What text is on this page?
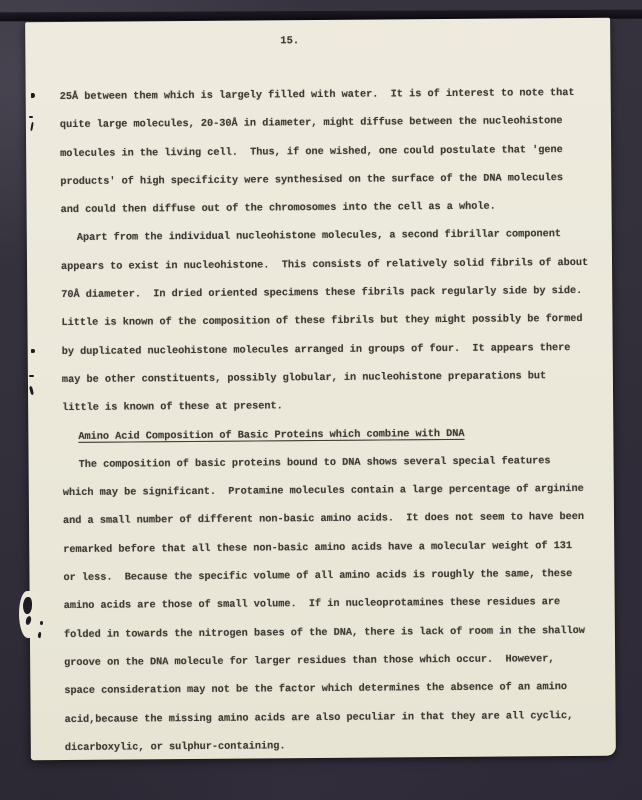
15.
25Å between them which is largely filled with water.  It is of interest to note that
quite large molecules, 20-30Å in diameter, might diffuse between the nucleohistone
molecules in the living cell.  Thus, if one wished, one could postulate that 'gene
products' of high specificity were synthesised on the surface of the DNA molecules
and could then diffuse out of the chromosomes into the cell as a whole.
Apart from the individual nucleohistone molecules, a second fibrillar component
appears to exist in nucleohistone.  This consists of relatively solid fibrils of about
70Å diameter.  In dried oriented specimens these fibrils pack regularly side by side.
Little is known of the composition of these fibrils but they might possibly be formed
by duplicated nucleohistone molecules arranged in groups of four.  It appears there
may be other constituents, possibly globular, in nucleohistone preparations but
little is known of these at present.
Amino Acid Composition of Basic Proteins which combine with DNA
The composition of basic proteins bound to DNA shows several special features
which may be significant.  Protamine molecules contain a large percentage of arginine
and a small number of different non-basic amino acids.  It does not seem to have been
remarked before that all these non-basic amino acids have a molecular weight of 131
or less.  Because the specific volume of all amino acids is roughly the same, these
amino acids are those of small volume.  If in nucleoprotamines these residues are
folded in towards the nitrogen bases of the DNA, there is lack of room in the shallow
groove on the DNA molecule for larger residues than those which occur.  However,
space consideration may not be the factor which determines the absence of an amino
acid,because the missing amino acids are also peculiar in that they are all cyclic,
dicarboxylic, or sulphur-containing.
